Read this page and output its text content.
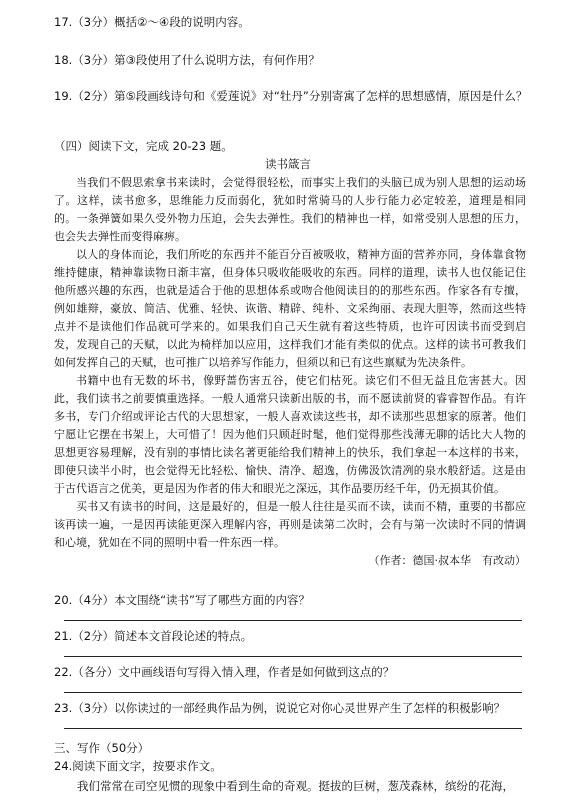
17.（3分）概括②～④段的说明内容。
18.（3分）第③段使用了什么说明方法，有何作用？
19.（2分）第⑤段画线诗句和《爱莲说》对“牡丹”分别寄寓了怎样的思想感情，原因是什么？
（四）阅读下文，完成 20-23 题。
读书箴言

当我们不假思索拿书来读时，会觉得很轻松，而事实上我们的头脑已成为别人思想的运动场了。这样，读书愈多，思维能力反而弱化，犹如时常骑马的人步行能力必定较差，道理是相同的。一条弹簧如果久受外物力压迫，会失去弹性。我们的精神也一样，如常受别人思想的压力，也会失去弹性而变得麻痹。

以人的身体而论，我们所吃的东西并不能百分百被吸收，精神方面的营养亦同，身体靠食物维持健康，精神靠读物日渐丰富，但身体只吸收能吸收的东西。同样的道理，读书人也仅能记住他所感兴趣的东西，也就是适合于他的思想体系或吻合他阅读目的的那些东西。作家各有专擅，例如雄辩，豪放、简洁、优雅、轻快、诙谐、精辟、纯朴、文采绚丽、表现大胆等，然而这些特点并不是读他们作品就可学来的。如果我们自己天生就有着这些特质，也许可因读书而受到启发，发现自己的天赋，以此为椅样加以应用，这样我们才能有类似的优点。这样的读书可教我们如何发挥自己的天赋，也可推广以培养写作能力，但须以和已有这些禀赋为先决条件。

书籍中也有无数的坏书，像野蔷伤害五谷，使它们枯死。读它们不但无益且危害甚大。因此，我们读书之前要慎重选择。一般人通常只读新出版的书，而不愿读前贤的睿睿智作品。有许多书，专门介绍或评论古代的大思想家，一般人喜欢读这些书，却不读那些思想家的原著。他们宁愿让它摆在书架上，大可惜了！因为他们只顾赶时髦，他们觉得那些浅薄无聊的话比大人物的思想更容易理解，没有别的事情比读名著更能给我们精神上的快乐，我们拿起一本这样的书来，即使只读半小时，也会觉得无比轻松、愉快、清净、超逸，仿佛汲饮清冽的泉水般舒适。这是由于古代语言之优美，更是因为作者的伟大和眼光之深远，其作品要历经千年，仍无损其价值。

买书又有读书的时间，这是最好的，但是一般人往往是买而不读，读而不精，重要的书都应该再读一遍，一是因再读能更深入理解内容，再则是读第二次时，会有与第一次读时不同的情调和心境，犹如在不同的照明中看一件东西一样。

（作者：德国·叔本华　有改动）
20.（4分）本文围绕“读书”写了哪些方面的内容？
21.（2分）简述本文首段论述的特点。
22.（各分）文中画线语句写得入情入理，作者是如何做到这点的？
23.（3分）以你读过的一部经典作品为例，说说它对你心灵世界产生了怎样的积极影响？
三、写作（50分）
24.阅读下面文字，按要求作文。
我们常常在司空见惯的现象中看到生命的奇观。挺拔的巨树，葱茂森林，缤纷的花海，
